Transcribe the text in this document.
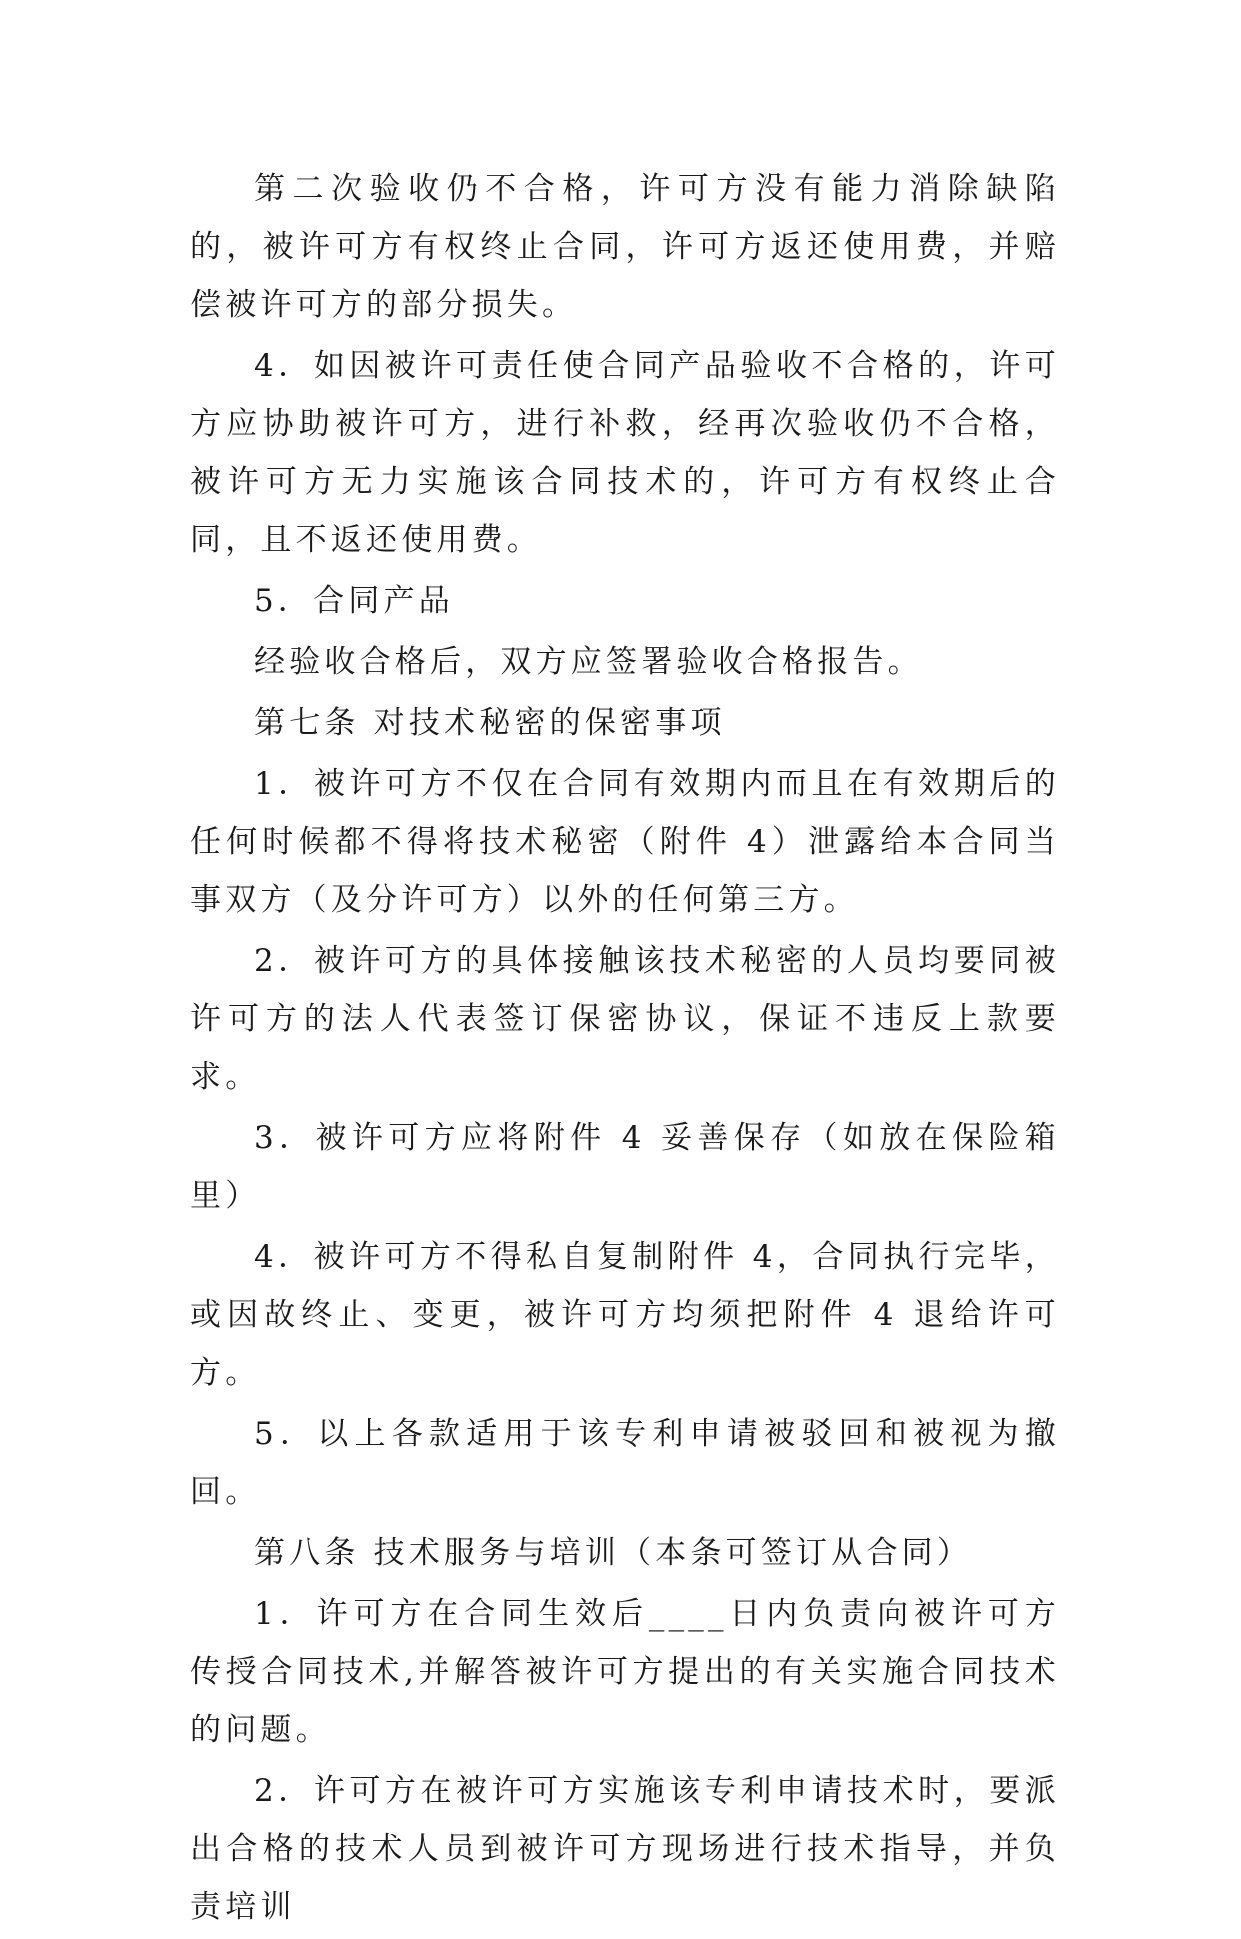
第二次验收仍不合格，许可方没有能力消除缺陷的，被许可方有权终止合同，许可方返还使用费，并赔偿被许可方的部分损失。

4．如因被许可责任使合同产品验收不合格的，许可方应协助被许可方，进行补救，经再次验收仍不合格，被许可方无力实施该合同技术的，许可方有权终止合同，且不返还使用费。

5．合同产品

经验收合格后，双方应签署验收合格报告。

第七条 对技术秘密的保密事项

1．被许可方不仅在合同有效期内而且在有效期后的任何时候都不得将技术秘密（附件 4）泄露给本合同当事双方（及分许可方）以外的任何第三方。

2．被许可方的具体接触该技术秘密的人员均要同被许可方的法人代表签订保密协议，保证不违反上款要求。

3．被许可方应将附件 4 妥善保存（如放在保险箱里）

4．被许可方不得私自复制附件 4，合同执行完毕，或因故终止、变更，被许可方均须把附件 4 退给许可方。

5．以上各款适用于该专利申请被驳回和被视为撤回。

第八条 技术服务与培训（本条可签订从合同）

1．许可方在合同生效后____日内负责向被许可方传授合同技术,并解答被许可方提出的有关实施合同技术的问题。

2．许可方在被许可方实施该专利申请技术时，要派出合格的技术人员到被许可方现场进行技术指导，并负责培训
